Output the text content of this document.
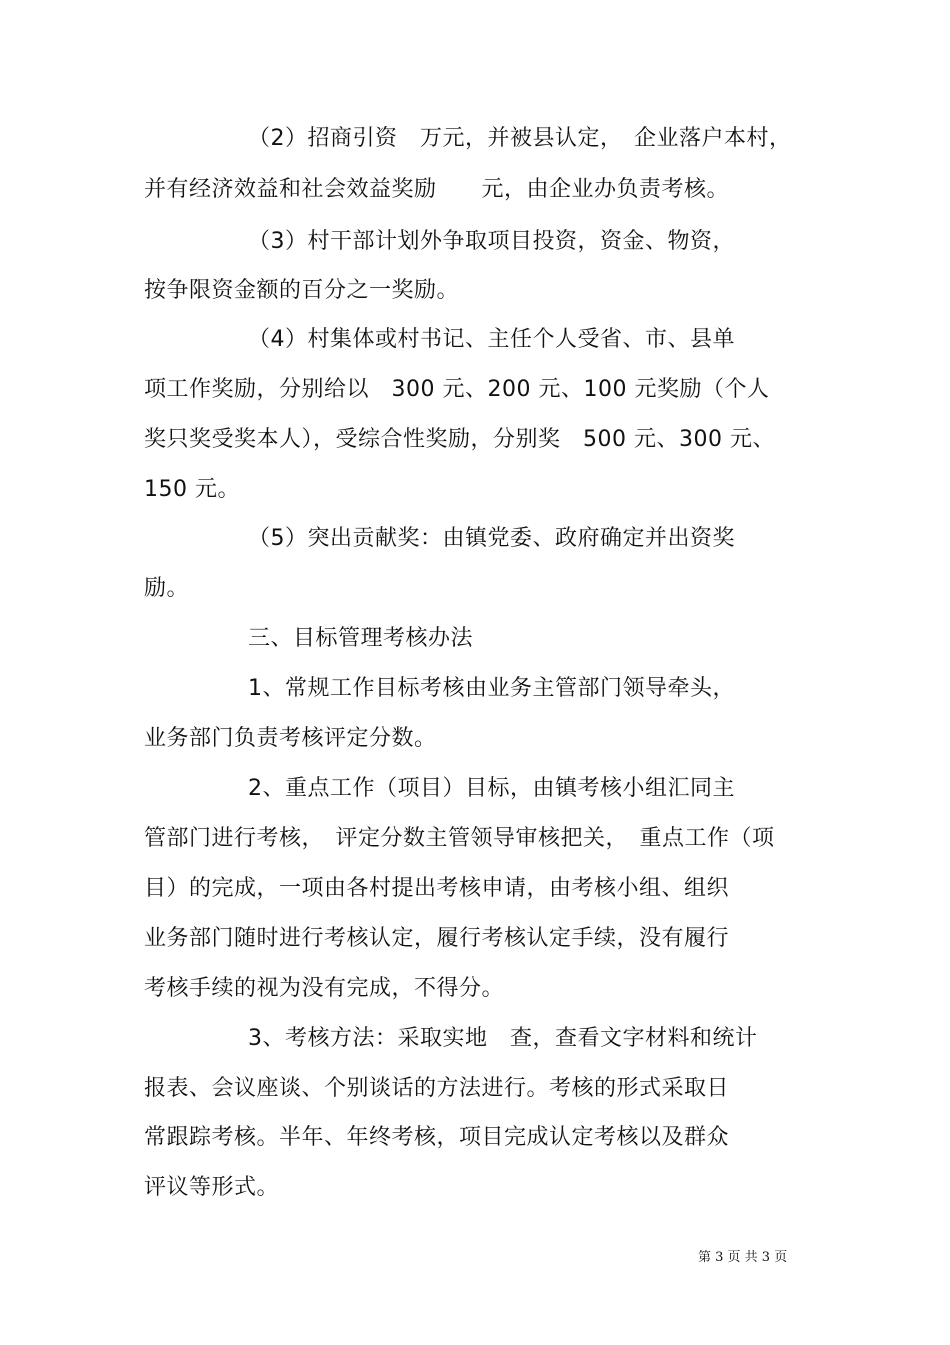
（2）招商引资　万元，并被县认定，　企业落户本村，
并有经济效益和社会效益奖励　　元，由企业办负责考核。
（3）村干部计划外争取项目投资，资金、物资，
按争限资金额的百分之一奖励。
（4）村集体或村书记、主任个人受省、市、县单
项工作奖励，分别给以　300 元、200 元、100 元奖励（个人
奖只奖受奖本人），受综合性奖励，分别奖　500 元、300 元、
150 元。
（5）突出贡献奖：由镇党委、政府确定并出资奖
励。
三、目标管理考核办法
1、常规工作目标考核由业务主管部门领导牵头，
业务部门负责考核评定分数。
2、重点工作（项目）目标，由镇考核小组汇同主
管部门进行考核，　评定分数主管领导审核把关，　重点工作（项
目）的完成，一项由各村提出考核申请，由考核小组、组织
业务部门随时进行考核认定，履行考核认定手续，没有履行
考核手续的视为没有完成，不得分。
3、考核方法：采取实地　查，查看文字材料和统计
报表、会议座谈、个别谈话的方法进行。考核的形式采取日
常跟踪考核。半年、年终考核，项目完成认定考核以及群众
评议等形式。
第 3 页 共 3 页
